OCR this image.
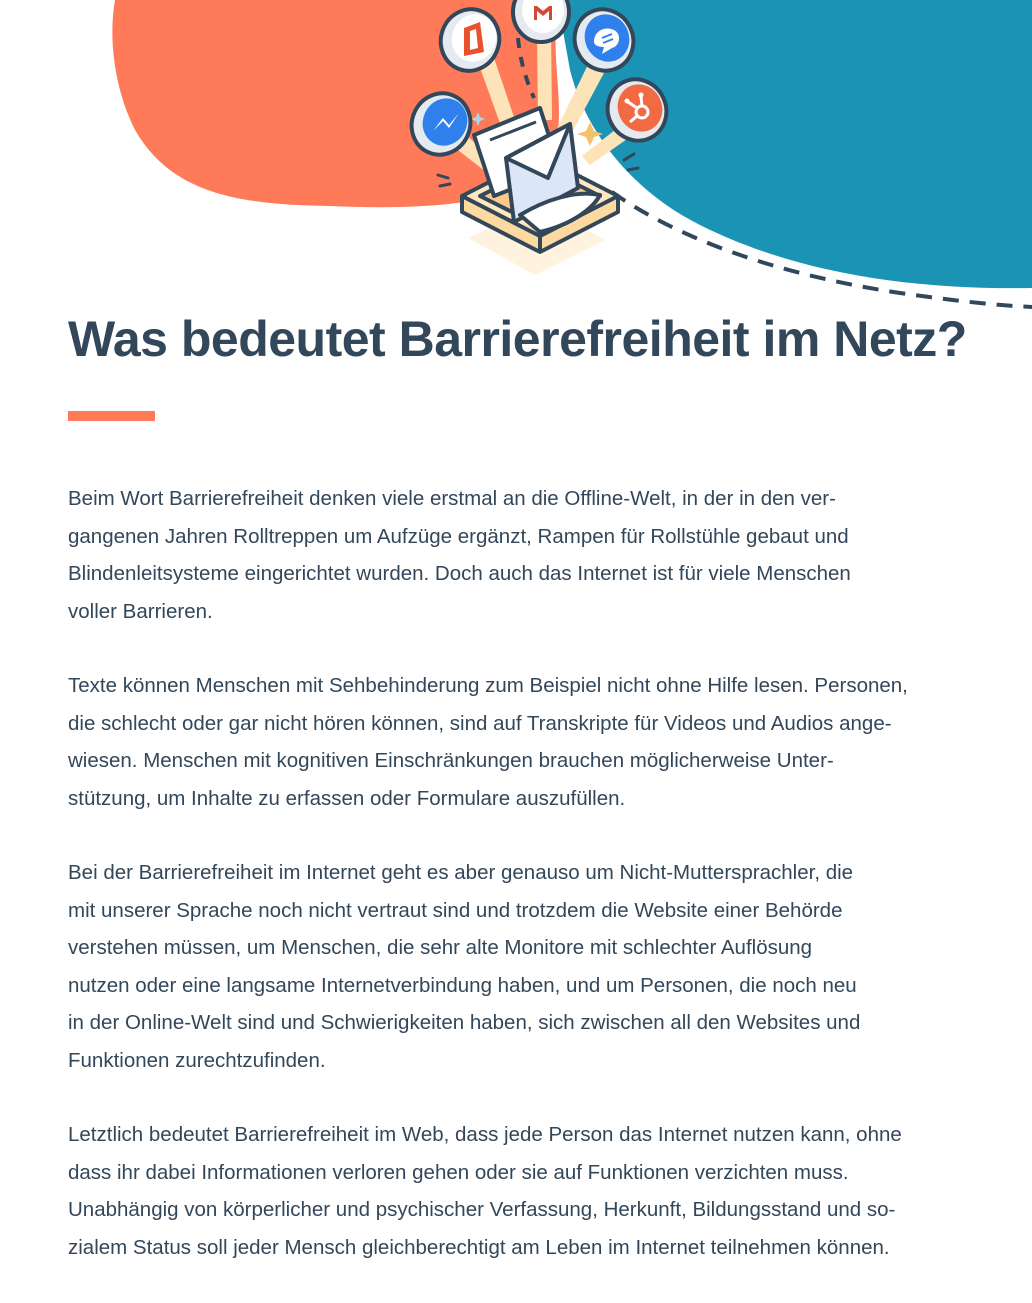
Was bedeutet Barrierefreiheit im Netz?

Beim Wort Barrierefreiheit denken viele erstmal an die Offline-Welt, in der in den ver-
gangenen Jahren Rolltreppen um Aufzüge ergänzt, Rampen für Rollstühle gebaut und
Blindenleitsysteme eingerichtet wurden. Doch auch das Internet ist für viele Menschen
voller Barrieren.

Texte können Menschen mit Sehbehinderung zum Beispiel nicht ohne Hilfe lesen. Personen,
die schlecht oder gar nicht hören können, sind auf Transkripte für Videos und Audios ange-
wiesen. Menschen mit kognitiven Einschränkungen brauchen möglicherweise Unter-
stützung, um Inhalte zu erfassen oder Formulare auszufüllen.

Bei der Barrierefreiheit im Internet geht es aber genauso um Nicht-Muttersprachler, die
mit unserer Sprache noch nicht vertraut sind und trotzdem die Website einer Behörde
verstehen müssen, um Menschen, die sehr alte Monitore mit schlechter Auflösung
nutzen oder eine langsame Internetverbindung haben, und um Personen, die noch neu
in der Online-Welt sind und Schwierigkeiten haben, sich zwischen all den Websites und
Funktionen zurechtzufinden.

Letztlich bedeutet Barrierefreiheit im Web, dass jede Person das Internet nutzen kann, ohne
dass ihr dabei Informationen verloren gehen oder sie auf Funktionen verzichten muss.
Unabhängig von körperlicher und psychischer Verfassung, Herkunft, Bildungsstand und so-
zialem Status soll jeder Mensch gleichberechtigt am Leben im Internet teilnehmen können.
